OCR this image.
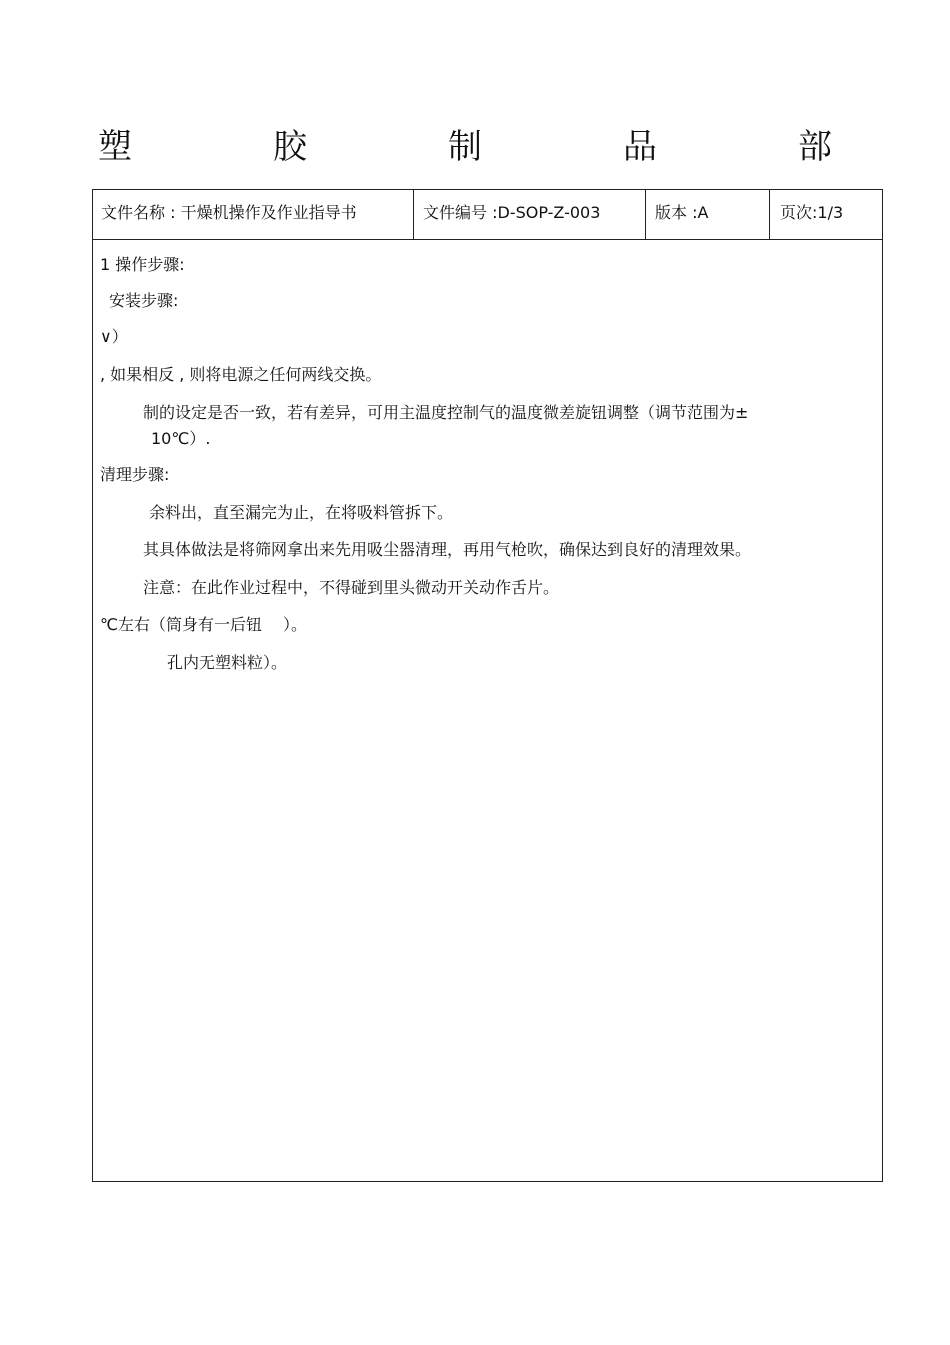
塑	胶	制	品	部
文件名称 : 干燥机操作及作业指导书	文件编号 :D-SOP-Z-003	版本 :A	页次:1/3
1 操作步骤:
安装步骤:
∨）
, 如果相反 , 则将电源之任何两线交换。
制的设定是否一致，若有差异，可用主温度控制气的温度微差旋钮调整（调节范围为±
10℃）.
清理步骤:
余料出，直至漏完为止，在将吸料管拆下。
其具体做法是将筛网拿出来先用吸尘器清理，再用气枪吹，确保达到良好的清理效果。
注意：在此作业过程中，不得碰到里头微动开关动作舌片。
℃左右（筒身有一后钮　 ）。
孔内无塑料粒）。
